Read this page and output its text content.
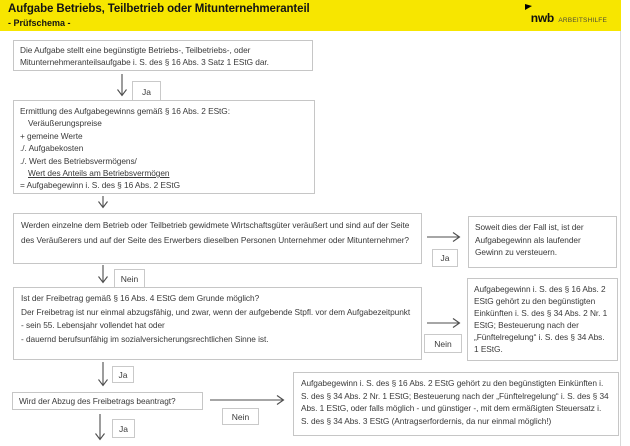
Aufgabe Betriebs, Teilbetrieb oder Mitunternehmeranteil
- Prüfschema -	nwb ARBEITSHILFE
Die Aufgabe stellt eine begünstigte Betriebs-, Teilbetriebs-, oder Mitunternehmeranteilsaufgabe i. S. des § 16 Abs. 3 Satz 1 EStG dar.
Ja
Ermittlung des Aufgabegewinns gemäß § 16 Abs. 2 EStG:
Veräußerungspreise
+ gemeine Werte
./. Aufgabekosten
./. Wert des Betriebsvermögens/
Wert des Anteils am Betriebsvermögen
= Aufgabegewinn i. S. des § 16 Abs. 2 EStG
Werden einzelne dem Betrieb oder Teilbetrieb gewidmete Wirtschaftsgüter veräußert und sind auf der Seite des Veräußerers und auf der Seite des Erwerbers dieselben Personen Unternehmer oder Mitunternehmer?
Ja
Soweit dies der Fall ist, ist der Aufgabegewinn als laufender Gewinn zu versteuern.
Nein
Ist der Freibetrag gemäß § 16 Abs. 4 EStG dem Grunde möglich?
Der Freibetrag ist nur einmal abzugsfähig, und zwar, wenn der aufgebende Stpfl. vor dem Aufgabezeitpunkt
- sein 55. Lebensjahr vollendet hat oder
- dauernd berufsunfähig im sozialversicherungsrechtlichen Sinne ist.	Nein
Aufgabegewinn i. S. des § 16 Abs. 2 EStG gehört zu den begünstigten Einkünften i. S. des § 34 Abs. 2 Nr. 1 EStG; Besteuerung nach der „Fünftelregelung“ i. S. des § 34 Abs. 1 EStG.
Ja
Wird der Abzug des Freibetrags beantragt?
Nein
Aufgabegewinn i. S. des § 16 Abs. 2 EStG gehört zu den begünstigten Einkünften i. S. des § 34 Abs. 2 Nr. 1 EStG; Besteuerung nach der „Fünftelregelung“ i. S. des § 34 Abs. 1 EStG, oder falls möglich - und günstiger -, mit dem ermäßigten Steuersatz i. S. des § 34 Abs. 3 EStG (Antragserfordernis, da nur einmal möglich!)
Ja
